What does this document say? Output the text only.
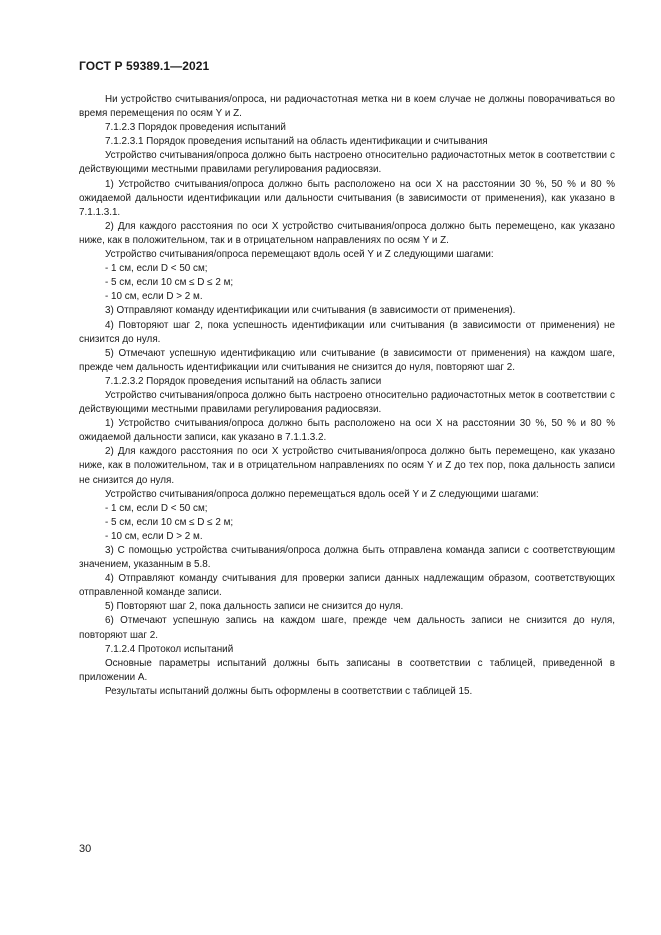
ГОСТ Р 59389.1—2021

Ни устройство считывания/опроса, ни радиочастотная метка ни в коем случае не должны поворачиваться во время перемещения по осям Y и Z.

7.1.2.3 Порядок проведения испытаний

7.1.2.3.1 Порядок проведения испытаний на область идентификации и считывания

Устройство считывания/опроса должно быть настроено относительно радиочастотных меток в соответствии с действующими местными правилами регулирования радиосвязи.

1) Устройство считывания/опроса должно быть расположено на оси X на расстоянии 30 %, 50 % и 80 % ожидаемой дальности идентификации или дальности считывания (в зависимости от применения), как указано в 7.1.1.3.1.

2) Для каждого расстояния по оси X устройство считывания/опроса должно быть перемещено, как указано ниже, как в положительном, так и в отрицательном направлениях по осям Y и Z.

Устройство считывания/опроса перемещают вдоль осей Y и Z следующими шагами:

- 1 см, если D < 50 см;

- 5 см, если 10 см ≤ D ≤ 2 м;

- 10 см, если D > 2 м.

3) Отправляют команду идентификации или считывания (в зависимости от применения).

4) Повторяют шаг 2, пока успешность идентификации или считывания (в зависимости от применения) не снизится до нуля.

5) Отмечают успешную идентификацию или считывание (в зависимости от применения) на каждом шаге, прежде чем дальность идентификации или считывания не снизится до нуля, повторяют шаг 2.

7.1.2.3.2 Порядок проведения испытаний на область записи

Устройство считывания/опроса должно быть настроено относительно радиочастотных меток в соответствии с действующими местными правилами регулирования радиосвязи.

1) Устройство считывания/опроса должно быть расположено на оси X на расстоянии 30 %, 50 % и 80 % ожидаемой дальности записи, как указано в 7.1.1.3.2.

2) Для каждого расстояния по оси X устройство считывания/опроса должно быть перемещено, как указано ниже, как в положительном, так и в отрицательном направлениях по осям Y и Z до тех пор, пока дальность записи не снизится до нуля.

Устройство считывания/опроса должно перемещаться вдоль осей Y и Z следующими шагами:

- 1 см, если D < 50 см;

- 5 см, если 10 см ≤ D ≤ 2 м;

- 10 см, если D > 2 м.

3) С помощью устройства считывания/опроса должна быть отправлена команда записи с соответствующим значением, указанным в 5.8.

4) Отправляют команду считывания для проверки записи данных надлежащим образом, соответствующих отправленной команде записи.

5) Повторяют шаг 2, пока дальность записи не снизится до нуля.

6) Отмечают успешную запись на каждом шаге, прежде чем дальность записи не снизится до нуля, повторяют шаг 2.

7.1.2.4 Протокол испытаний

Основные параметры испытаний должны быть записаны в соответствии с таблицей, приведенной в приложении А.

Результаты испытаний должны быть оформлены в соответствии с таблицей 15.

30
